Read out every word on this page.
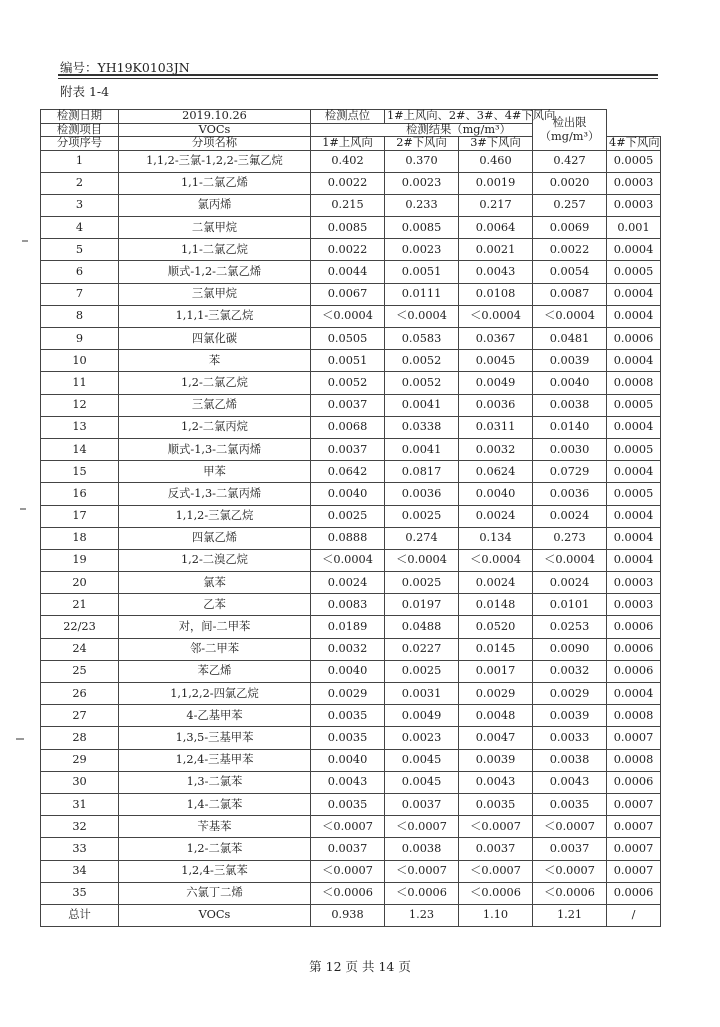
编号：YH19K0103JN
附表 1-4
检测日期	2019.10.26	检测点位	1#上风向、2#、3#、4#下风向		检出限（mg/m³）	
检测项目	VOCs	检测结果（mg/m³）				
分项序号	分项名称	1#上风向	2#下风向	3#下风向		4#下风向
1	1,1,2-三氯-1,2,2-三氟乙烷	0.402	0.370	0.460	0.427	0.0005
2	1,1-二氯乙烯	0.0022	0.0023	0.0019	0.0020	0.0003
3	氯丙烯	0.215	0.233	0.217	0.257	0.0003
4	二氯甲烷	0.0085	0.0085	0.0064	0.0069	0.001
5	1,1-二氯乙烷	0.0022	0.0023	0.0021	0.0022	0.0004
6	顺式-1,2-二氯乙烯	0.0044	0.0051	0.0043	0.0054	0.0005
7	三氯甲烷	0.0067	0.0111	0.0108	0.0087	0.0004
8	1,1,1-三氯乙烷	＜0.0004	＜0.0004	＜0.0004	＜0.0004	0.0004
9	四氯化碳	0.0505	0.0583	0.0367	0.0481	0.0006
10	苯	0.0051	0.0052	0.0045	0.0039	0.0004
11	1,2-二氯乙烷	0.0052	0.0052	0.0049	0.0040	0.0008
12	三氯乙烯	0.0037	0.0041	0.0036	0.0038	0.0005
13	1,2-二氯丙烷	0.0068	0.0338	0.0311	0.0140	0.0004
14	顺式-1,3-二氯丙烯	0.0037	0.0041	0.0032	0.0030	0.0005
15	甲苯	0.0642	0.0817	0.0624	0.0729	0.0004
16	反式-1,3-二氯丙烯	0.0040	0.0036	0.0040	0.0036	0.0005
17	1,1,2-三氯乙烷	0.0025	0.0025	0.0024	0.0024	0.0004
18	四氯乙烯	0.0888	0.274	0.134	0.273	0.0004
19	1,2-二溴乙烷	＜0.0004	＜0.0004	＜0.0004	＜0.0004	0.0004
20	氯苯	0.0024	0.0025	0.0024	0.0024	0.0003
21	乙苯	0.0083	0.0197	0.0148	0.0101	0.0003
22/23	对，间-二甲苯	0.0189	0.0488	0.0520	0.0253	0.0006
24	邻-二甲苯	0.0032	0.0227	0.0145	0.0090	0.0006
25	苯乙烯	0.0040	0.0025	0.0017	0.0032	0.0006
26	1,1,2,2-四氯乙烷	0.0029	0.0031	0.0029	0.0029	0.0004
27	4-乙基甲苯	0.0035	0.0049	0.0048	0.0039	0.0008
28	1,3,5-三基甲苯	0.0035	0.0023	0.0047	0.0033	0.0007
29	1,2,4-三基甲苯	0.0040	0.0045	0.0039	0.0038	0.0008
30	1,3-二氯苯	0.0043	0.0045	0.0043	0.0043	0.0006
31	1,4-二氯苯	0.0035	0.0037	0.0035	0.0035	0.0007
32	苄基苯	＜0.0007	＜0.0007	＜0.0007	＜0.0007	0.0007
33	1,2-二氯苯	0.0037	0.0038	0.0037	0.0037	0.0007
34	1,2,4-三氯苯	＜0.0007	＜0.0007	＜0.0007	＜0.0007	0.0007
35	六氯丁二烯	＜0.0006	＜0.0006	＜0.0006	＜0.0006	0.0006
总计	VOCs	0.938	1.23	1.10	1.21	/
第 12 页 共 14 页
